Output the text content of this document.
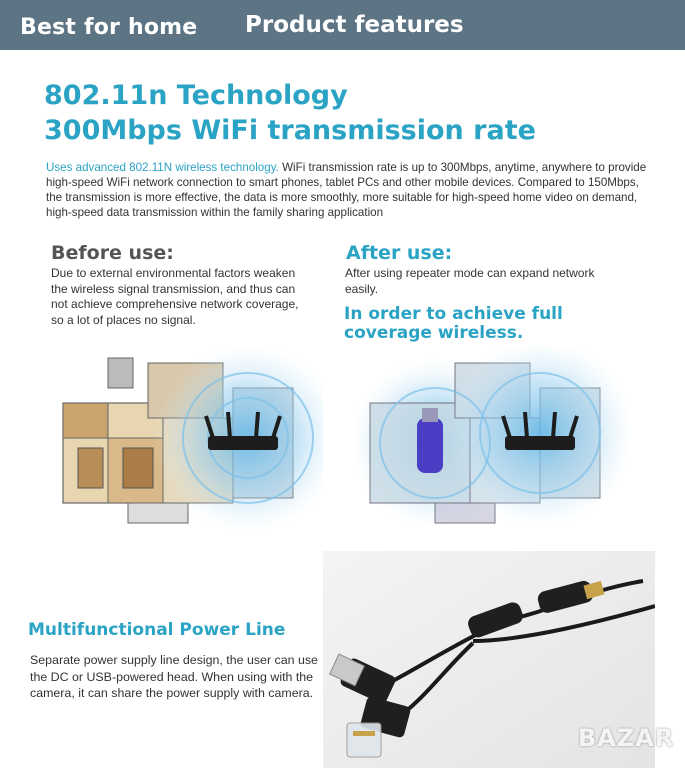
Best for home Product features
802.11n Technology
300Mbps WiFi transmission rate
Uses advanced 802.11N wireless technology. WiFi transmission rate is up to 300Mbps, anytime, anywhere to provide high-speed WiFi network connection to smart phones, tablet PCs and other mobile devices. Compared to 150Mbps, the transmission is more effective, the data is more smoothly, more suitable for high-speed home video on demand, high-speed data transmission within the family sharing application
Before use:
Due to external environmental factors weaken the wireless signal transmission, and thus can not achieve comprehensive network coverage, so a lot of places no signal.
After use:
After using repeater mode can expand network easily.
In order to achieve full coverage wireless.
Multifunctional Power Line
Separate power supply line design, the user can use the DC or USB-powered head. When using with the camera, it can share the power supply with camera.
BAZAR
